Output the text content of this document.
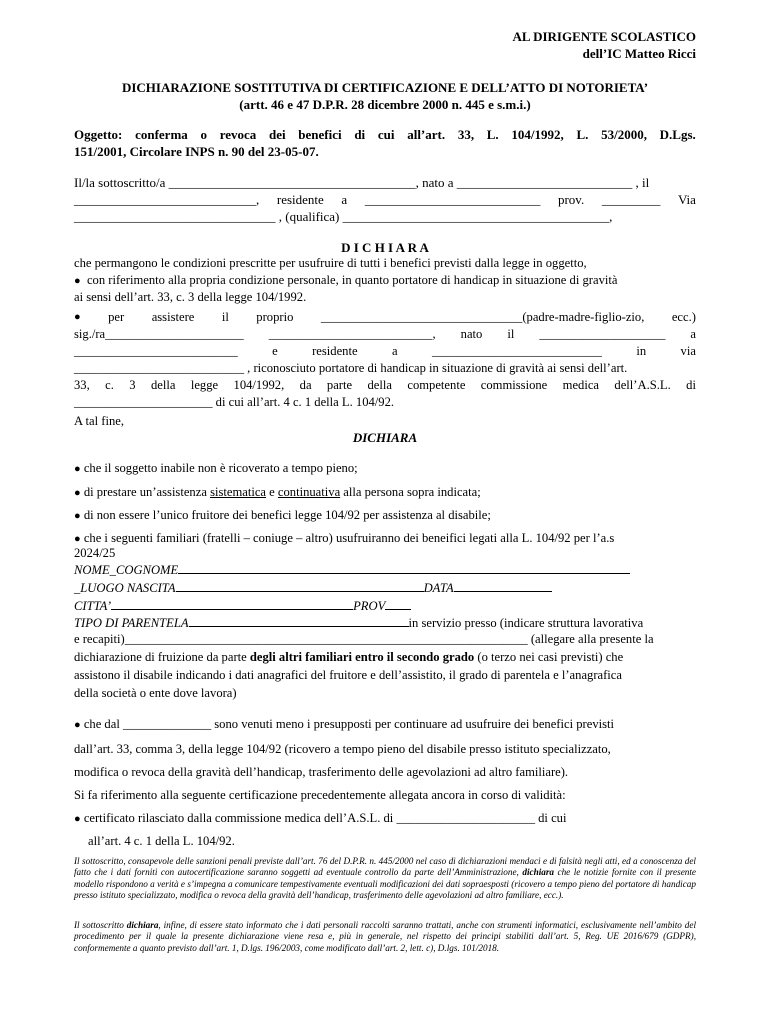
AL DIRIGENTE SCOLASTICO
dell’IC Matteo Ricci
DICHIARAZIONE SOSTITUTIVA DI CERTIFICAZIONE E DELL’ATTO DI NOTORIETA’
(artt. 46 e 47 D.P.R. 28 dicembre 2000 n. 445 e s.m.i.)
Oggetto: conferma o revoca dei benefici di cui all’art. 33, L. 104/1992, L. 53/2000, D.Lgs.
151/2001, Circolare INPS n. 90 del 23-05-07.
Il/la sottoscritto/a ______________________________________, nato a ___________________________ , il
____________________________, residente a ___________________________ prov. _________ Via
_______________________________ , (qualifica) _________________________________________,
D I C H I A R A
che permangono le condizioni prescritte per usufruire di tutti i benefici previsti dalla legge in oggetto,
● con riferimento alla propria condizione personale, in quanto portatore di handicap in situazione di gravità
ai sensi dell’art. 33, c. 3 della legge 104/1992.
● per assistere il proprio ________________________________(padre-madre-figlio-zio, ecc.)
sig./ra______________________ __________________________, nato il ____________________ a
__________________________	e	residente	a	___________________________	in	via
___________________________ , riconosciuto portatore di handicap in situazione di gravità ai sensi dell’art.
33, c. 3 della legge 104/1992, da parte della competente commissione medica dell’A.S.L. di
______________________ di cui all’art. 4 c. 1 della L. 104/92.
A tal fine,
DICHIARA
● che il soggetto inabile non è ricoverato a tempo pieno;
● di prestare un’assistenza sistematica e continuativa alla persona sopra indicata;
● di non essere l’unico fruitore dei benefici legge 104/92 per assistenza al disabile;
● che i seguenti familiari (fratelli – coniuge – altro) usufruiranno dei beneifici legati alla L. 104/92 per l’a.s
2024/25
NOME_COGNOME
_LUOGO NASCITA	DATA
CITTA’	PROV
TIPO DI PARENTELA	in servizio presso (indicare struttura lavorativa
e recapiti)________________________________________________________________ (allegare alla presente la
dichiarazione di fruizione da parte degli altri familiari entro il secondo grado (o terzo nei casi previsti) che
assistono il disabile indicando i dati anagrafici del fruitore e dell’assistito, il grado di parentela e l’anagrafica
della società o ente dove lavora)
● che dal ______________ sono venuti meno i presupposti per continuare ad usufruire dei benefici previsti
dall’art. 33, comma 3, della legge 104/92 (ricovero a tempo pieno del disabile presso istituto specializzato,
modifica o revoca della gravità dell’handicap, trasferimento delle agevolazioni ad altro familiare).
Si fa riferimento alla seguente certificazione precedentemente allegata ancora in corso di validità:
● certificato rilasciato dalla commissione medica dell’A.S.L. di ______________________ di cui
all’art. 4 c. 1 della L. 104/92.
Il sottoscritto, consapevole delle sanzioni penali previste dall’art. 76 del D.P.R. n. 445/2000 nel caso di dichiarazioni mendaci e di falsità negli atti, ed a conoscenza del fatto che i dati forniti con autocertificazione saranno soggetti ad eventuale controllo da parte dell’Amministrazione, dichiara che le notizie fornite con il presente modello rispondono a verità e s’impegna a comunicare tempestivamente eventuali modificazioni dei dati sopraesposti (ricovero a tempo pieno del portatore di handicap presso istituto specializzato, modifica o revoca della gravità dell’handicap, trasferimento delle agevolazioni ad altro familiare, ecc.).
Il sottoscritto dichiara, infine, di essere stato informato che i dati personali raccolti saranno trattati, anche con strumenti informatici, esclusivamente nell’ambito del procedimento per il quale la presente dichiarazione viene resa e, più in generale, nel rispetto dei principi stabiliti dall’art. 5, Reg. UE 2016/679 (GDPR), conformemente a quanto previsto dall’art. 1, D.lgs. 196/2003, come modificato dall’art. 2, lett. c), D.lgs. 101/2018.
